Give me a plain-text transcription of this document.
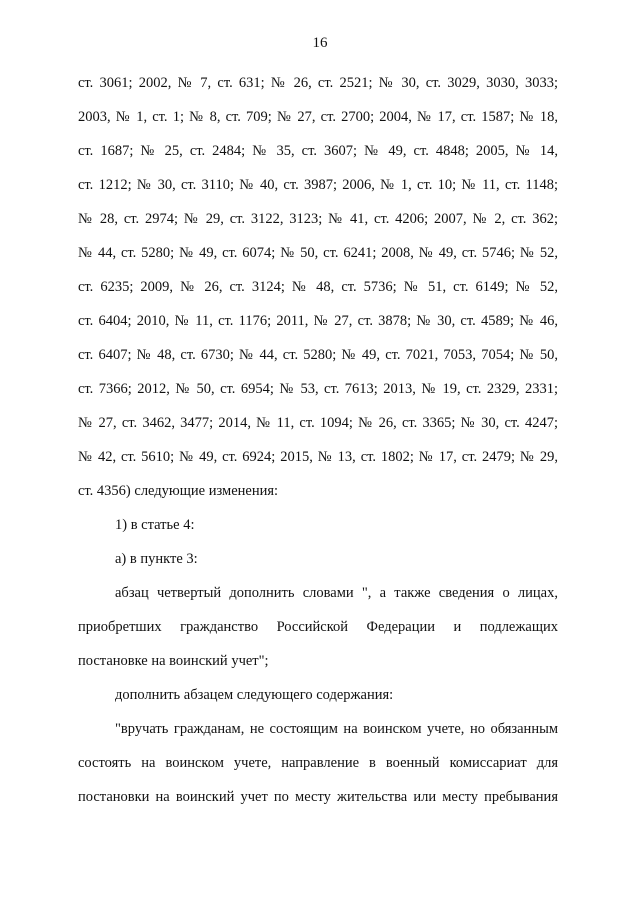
16
ст. 3061; 2002, № 7, ст. 631; № 26, ст. 2521; № 30, ст. 3029, 3030, 3033;
2003, № 1, ст. 1; № 8, ст. 709; № 27, ст. 2700; 2004, № 17, ст. 1587; № 18,
ст. 1687; № 25, ст. 2484; № 35, ст. 3607; № 49, ст. 4848; 2005, № 14,
ст. 1212; № 30, ст. 3110; № 40, ст. 3987; 2006, № 1, ст. 10; № 11, ст. 1148;
№ 28, ст. 2974; № 29, ст. 3122, 3123; № 41, ст. 4206; 2007, № 2, ст. 362;
№ 44, ст. 5280; № 49, ст. 6074; № 50, ст. 6241; 2008, № 49, ст. 5746; № 52,
ст. 6235; 2009, № 26, ст. 3124; № 48, ст. 5736; № 51, ст. 6149; № 52,
ст. 6404; 2010, № 11, ст. 1176; 2011, № 27, ст. 3878; № 30, ст. 4589; № 46,
ст. 6407; № 48, ст. 6730; № 44, ст. 5280; № 49, ст. 7021, 7053, 7054; № 50,
ст. 7366; 2012, № 50, ст. 6954; № 53, ст. 7613; 2013, № 19, ст. 2329, 2331;
№ 27, ст. 3462, 3477; 2014, № 11, ст. 1094; № 26, ст. 3365; № 30, ст. 4247;
№ 42, ст. 5610; № 49, ст. 6924; 2015, № 13, ст. 1802; № 17, ст. 2479; № 29,
ст. 4356) следующие изменения:
1) в статье 4:
а) в пункте 3:
абзац четвертый дополнить словами ", а также сведения о лицах,
приобретших гражданство Российской Федерации и подлежащих
постановке на воинский учет";
дополнить абзацем следующего содержания:
"вручать гражданам, не состоящим на воинском учете, но обязанным
состоять на воинском учете, направление в военный комиссариат для
постановки на воинский учет по месту жительства или месту пребывания
